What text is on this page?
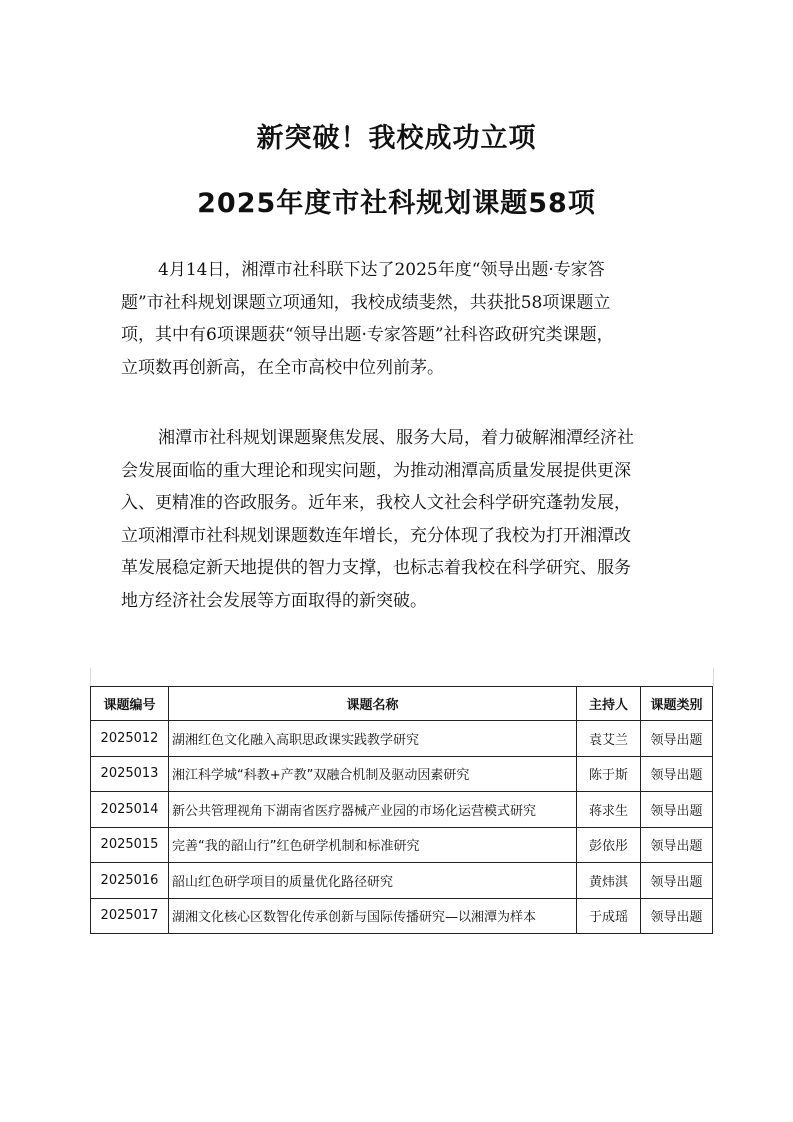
新突破！我校成功立项
2025年度市社科规划课题58项

4月14日，湘潭市社科联下达了2025年度“领导出题·专家答
题”市社科规划课题立项通知，我校成绩斐然，共获批58项课题立
项，其中有6项课题获“领导出题·专家答题”社科咨政研究类课题，
立项数再创新高，在全市高校中位列前茅。

湘潭市社科规划课题聚焦发展、服务大局，着力破解湘潭经济社
会发展面临的重大理论和现实问题，为推动湘潭高质量发展提供更深
入、更精准的咨政服务。近年来，我校人文社会科学研究蓬勃发展，
立项湘潭市社科规划课题数连年增长，充分体现了我校为打开湘潭改
革发展稳定新天地提供的智力支撑，也标志着我校在科学研究、服务
地方经济社会发展等方面取得的新突破。

课题编号	课题名称	主持人	课题类别
2025012	湖湘红色文化融入高职思政课实践教学研究	袁艾兰	领导出题
2025013	湘江科学城“科教+产教”双融合机制及驱动因素研究	陈于斯	领导出题
2025014	新公共管理视角下湖南省医疗器械产业园的市场化运营模式研究	蒋求生	领导出题
2025015	完善“我的韶山行”红色研学机制和标准研究	彭依彤	领导出题
2025016	韶山红色研学项目的质量优化路径研究	黄炜淇	领导出题
2025017	湖湘文化核心区数智化传承创新与国际传播研究—以湘潭为样本	于成瑶	领导出题
